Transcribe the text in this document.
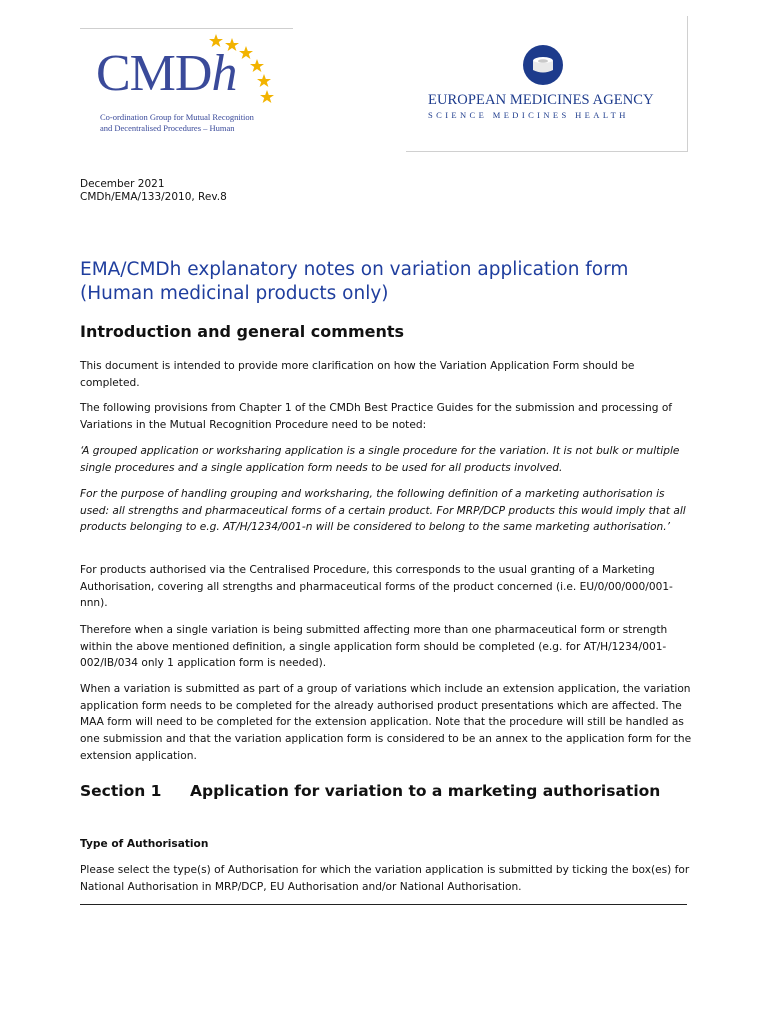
CMDh
Co-ordination Group for Mutual Recognition
and Decentralised Procedures – Human
EUROPEAN MEDICINES AGENCY
SCIENCE MEDICINES HEALTH
December 2021
CMDh/EMA/133/2010, Rev.8
EMA/CMDh explanatory notes on variation application form (Human medicinal products only)
Introduction and general comments

This document is intended to provide more clarification on how the Variation Application Form should be completed.

The following provisions from Chapter 1 of the CMDh Best Practice Guides for the submission and processing of Variations in the Mutual Recognition Procedure need to be noted:

‘A grouped application or worksharing application is a single procedure for the variation. It is not bulk or multiple single procedures and a single application form needs to be used for all products involved.

For the purpose of handling grouping and worksharing, the following definition of a marketing authorisation is used: all strengths and pharmaceutical forms of a certain product. For MRP/DCP products this would imply that all products belonging to e.g. AT/H/1234/001-n will be considered to belong to the same marketing authorisation.’

For products authorised via the Centralised Procedure, this corresponds to the usual granting of a Marketing Authorisation, covering all strengths and pharmaceutical forms of the product concerned (i.e. EU/0/00/000/001-nnn).

Therefore when a single variation is being submitted affecting more than one pharmaceutical form or strength within the above mentioned definition, a single application form should be completed (e.g. for AT/H/1234/001-002/IB/034 only 1 application form is needed).

When a variation is submitted as part of a group of variations which include an extension application, the variation application form needs to be completed for the already authorised product presentations which are affected. The MAA form will need to be completed for the extension application. Note that the procedure will still be handled as one submission and that the variation application form is considered to be an annex to the application form for the extension application.

Section 1 Application for variation to a marketing authorisation
Type of Authorisation

Please select the type(s) of Authorisation for which the variation application is submitted by ticking the box(es) for National Authorisation in MRP/DCP, EU Authorisation and/or National Authorisation.
